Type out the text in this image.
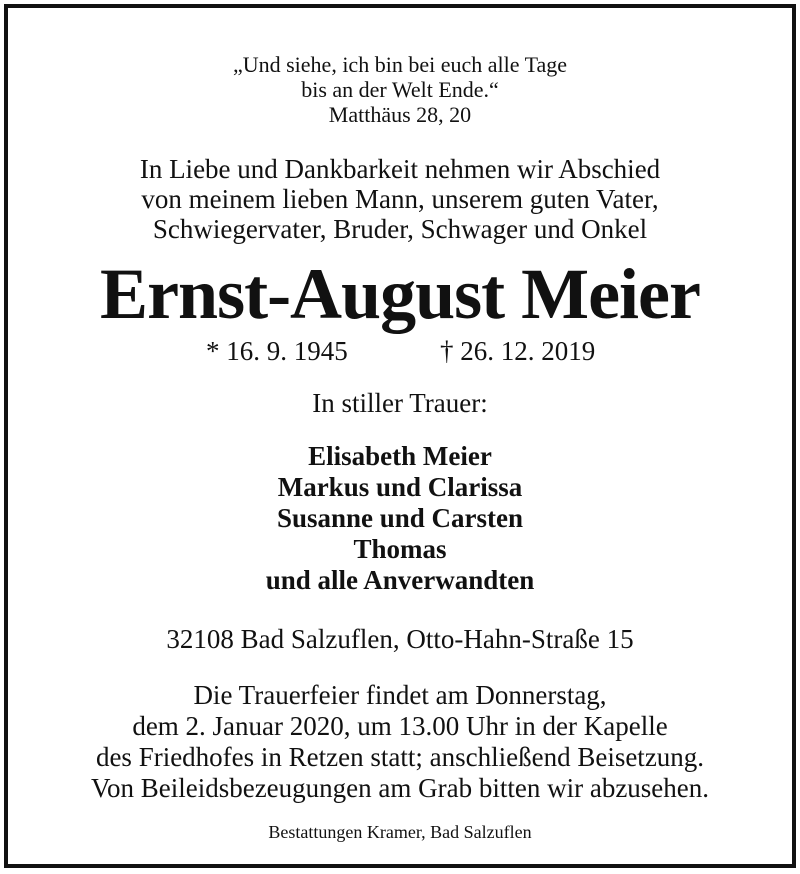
„Und siehe, ich bin bei euch alle Tage
bis an der Welt Ende.“
Matthäus 28, 20
In Liebe und Dankbarkeit nehmen wir Abschied
von meinem lieben Mann, unserem guten Vater,
Schwiegervater, Bruder, Schwager und Onkel
Ernst-August Meier
* 16. 9. 1945	† 26. 12. 2019
In stiller Trauer:
Elisabeth Meier
Markus und Clarissa
Susanne und Carsten
Thomas
und alle Anverwandten
32108 Bad Salzuflen, Otto-Hahn-Straße 15
Die Trauerfeier findet am Donnerstag,
dem 2. Januar 2020, um 13.00 Uhr in der Kapelle
des Friedhofes in Retzen statt; anschließend Beisetzung.
Von Beileidsbezeugungen am Grab bitten wir abzusehen.
Bestattungen Kramer, Bad Salzuflen
